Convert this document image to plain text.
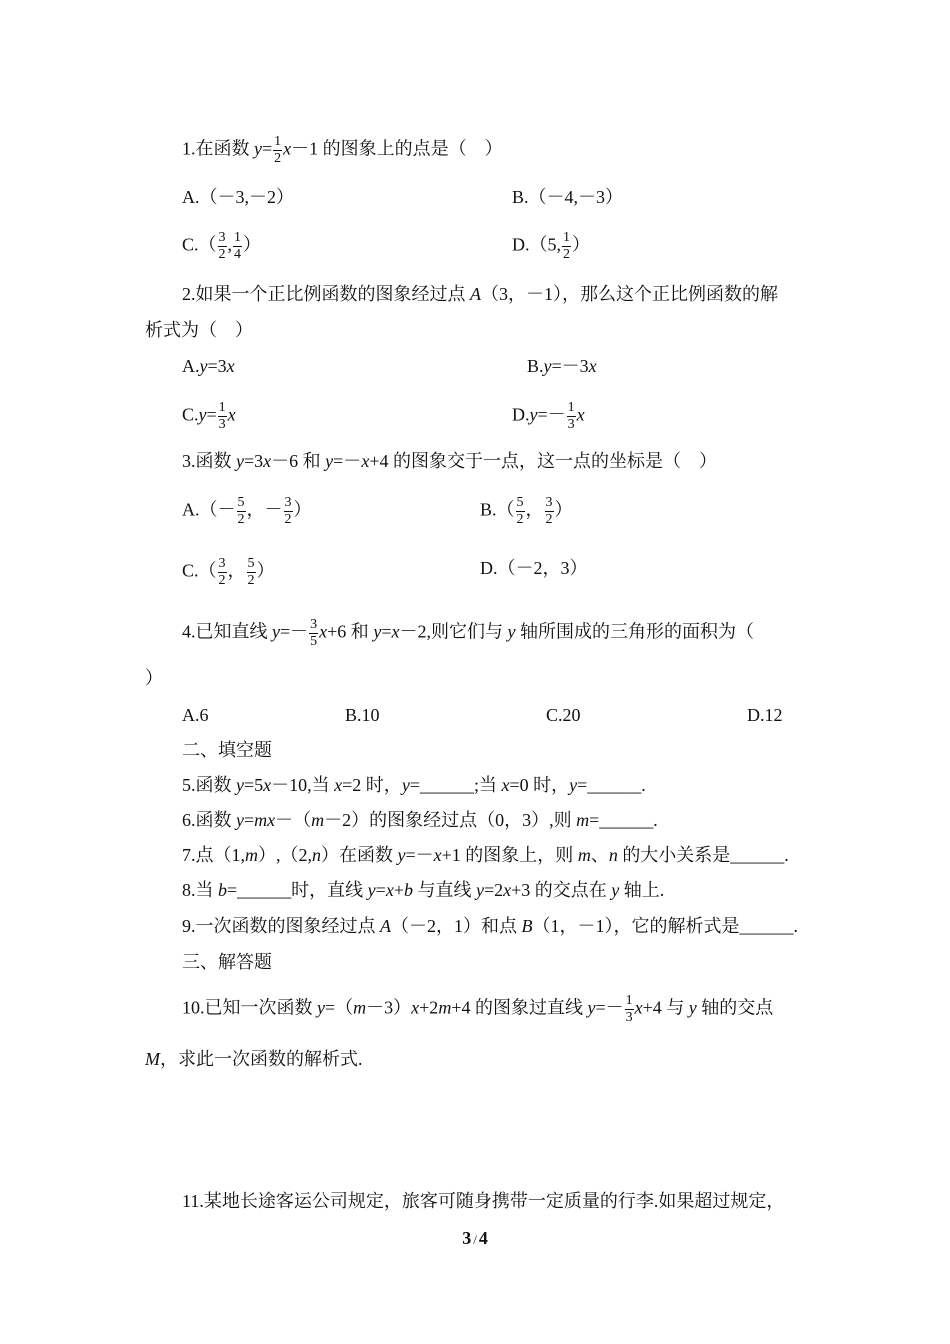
1.在函数 $y= \frac{1}{2} x-1$ 的图象上的点是（　）
A.（－3,－2）	B.（－4,－3）
$C.( \frac{3}{2}$ , $\frac{1}{4}$ ）	D.（5, $\frac{1}{2}$ ）
2.如果一个正比例函数的图象经过点 A（3，－1），那么这个正比例函数的解
析式为（　）
A.y=3x	B.y=－3x
$C.y= \frac{1}{3}$ x	$D.y=- \frac{1}{3}$ x
3.函数 y=3x－6 和 y=－x+4 的图象交于一点，这一点的坐标是（　）
$A.(- \frac{5}{2}$ ，－ $\frac{3}{2}$ ）	$B.( \frac{5}{2}$ ， $\frac{3}{2}$ ）
$C.( \frac{3}{2}$ ， $\frac{5}{2}$ ）	D.（－2，3）
4.已知直线 $y=- \frac{3}{5} x+6$ 和 y=x－2,则它们与 y 轴所围成的三角形的面积为（
）
A.6	B.10	C.20	D.12
二、填空题
5.函数 y=5x－10,当 x=2 时，y=______;当 x=0 时，y=______.
6.函数 y=mx－（m－2）的图象经过点（0，3）,则 m=______.
7.点（1,m）,（2,n）在函数 y=－x+1 的图象上，则 m、n 的大小关系是______.
8.当 b=______时，直线 y=x+b 与直线 y=2x+3 的交点在 y 轴上.
9.一次函数的图象经过点 A（－2，1）和点 B（1，－1），它的解析式是______.
三、解答题
10.已知一次函数 y=（m－3）x+2m+4 的图象过直线 $y=- \frac{1}{3} x+4$ 与 y 轴的交点
M，求此一次函数的解析式.
11.某地长途客运公司规定，旅客可随身携带一定质量的行李.如果超过规定，
3 / 4
